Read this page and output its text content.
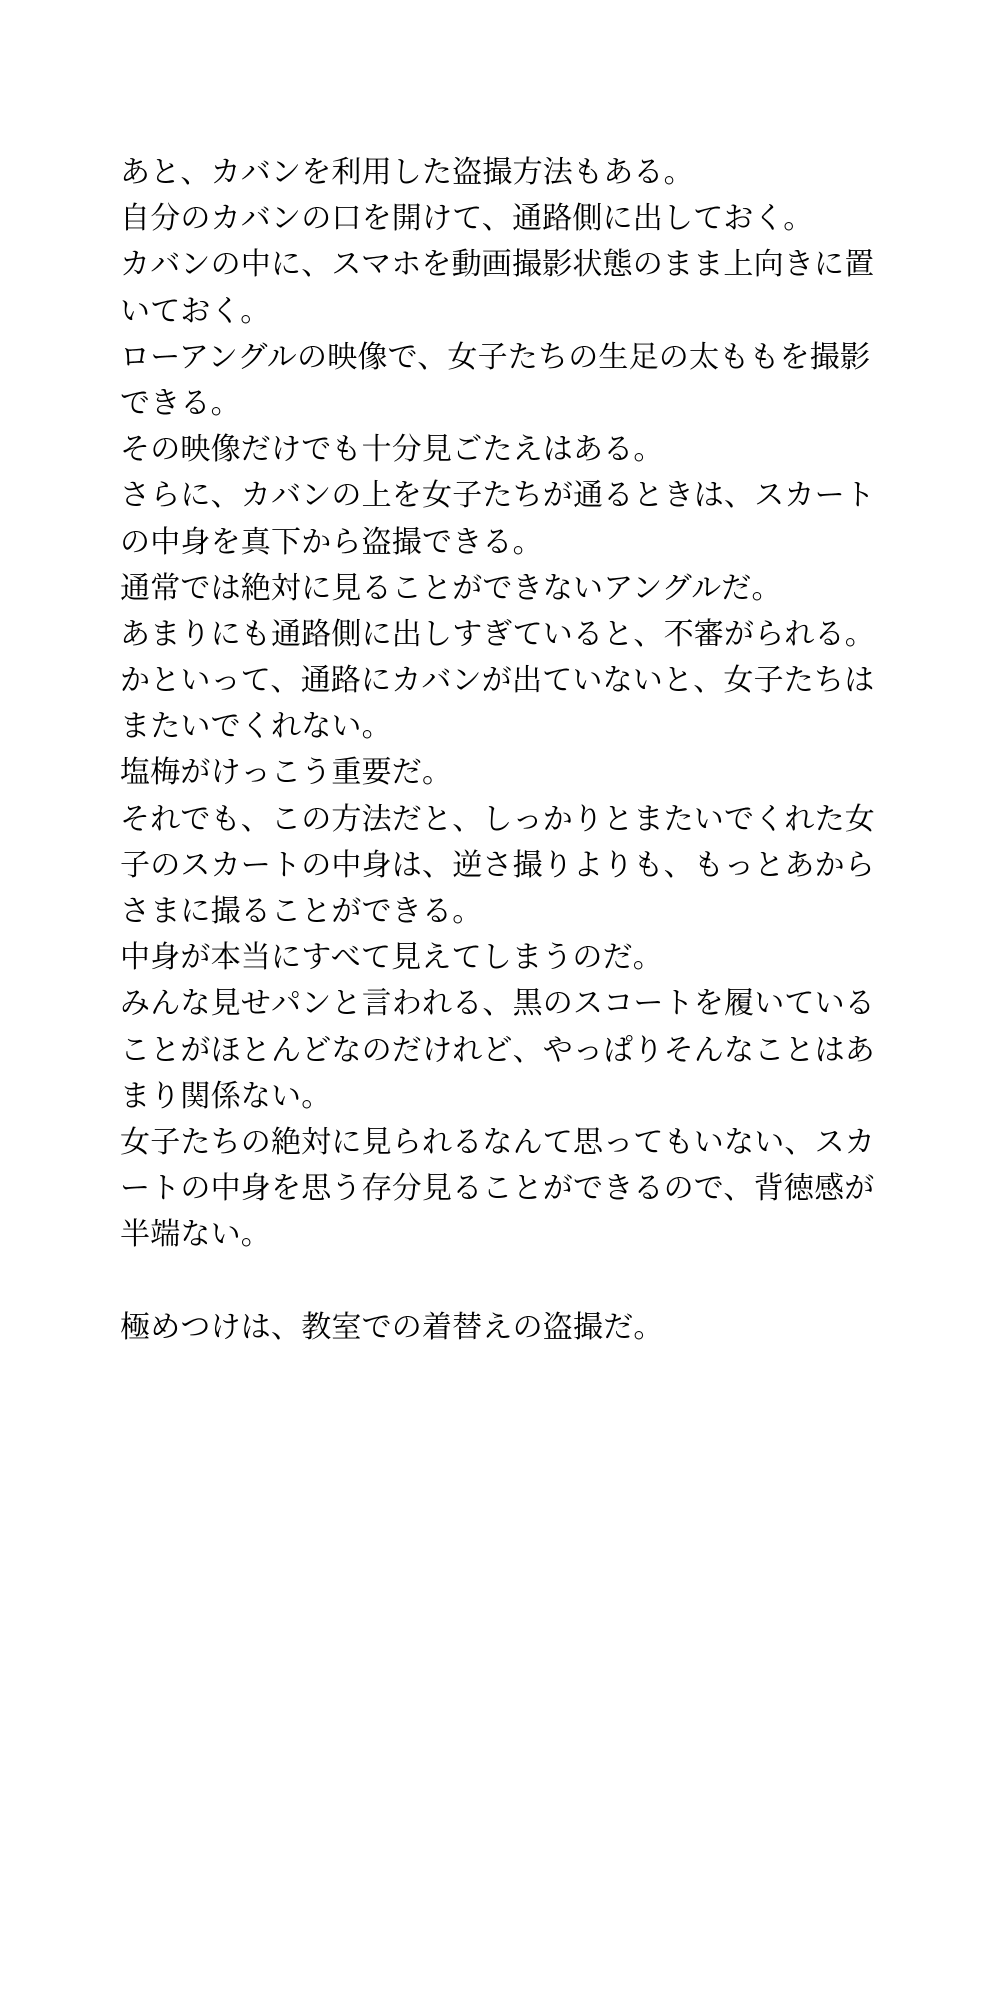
あと、カバンを利用した盗撮方法もある。

自分のカバンの口を開けて、通路側に出しておく。

カバンの中に、スマホを動画撮影状態のまま上向きに置いておく。

ローアングルの映像で、女子たちの生足の太ももを撮影できる。

その映像だけでも十分見ごたえはある。

さらに、カバンの上を女子たちが通るときは、スカートの中身を真下から盗撮できる。

通常では絶対に見ることができないアングルだ。

あまりにも通路側に出しすぎていると、不審がられる。

かといって、通路にカバンが出ていないと、女子たちはまたいでくれない。

塩梅がけっこう重要だ。

それでも、この方法だと、しっかりとまたいでくれた女子のスカートの中身は、逆さ撮りよりも、もっとあからさまに撮ることができる。

中身が本当にすべて見えてしまうのだ。

みんな見せパンと言われる、黒のスコートを履いていることがほとんどなのだけれど、やっぱりそんなことはあまり関係ない。

女子たちの絶対に見られるなんて思ってもいない、スカートの中身を思う存分見ることができるので、背徳感が半端ない。

極めつけは、教室での着替えの盗撮だ。
